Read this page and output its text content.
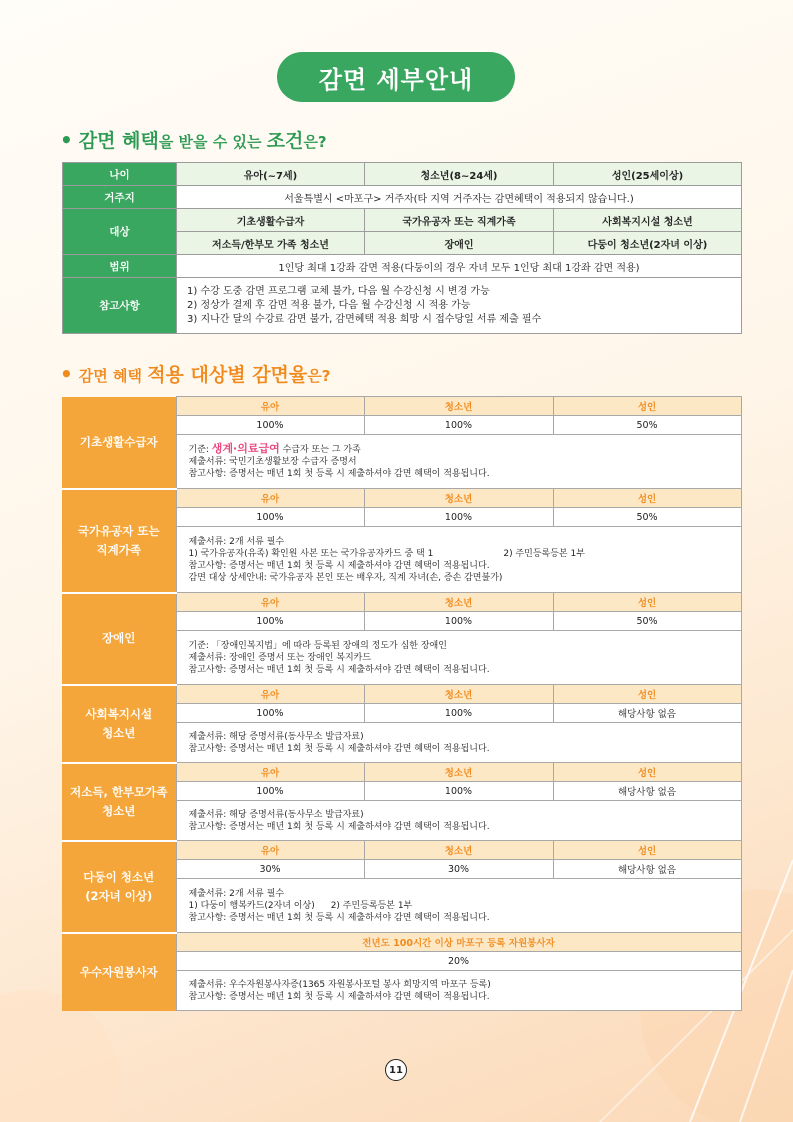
감면 세부안내
• 감면 혜택을 받을 수 있는 조건은?
나이	유아(~7세)	청소년(8~24세)	성인(25세이상)
거주지	서울특별시 <마포구> 거주자(타 지역 거주자는 감면혜택이 적용되지 않습니다.)		
대상	기초생활수급자	국가유공자 또는 직계가족	사회복지시설 청소년
	저소득/한부모 가족 청소년	장애인	다둥이 청소년(2자녀 이상)
범위	1인당 최대 1강좌 감면 적용(다둥이의 경우 자녀 모두 1인당 최대 1강좌 감면 적용)		
참고사항	1) 수강 도중 감면 프로그램 교체 불가, 다음 월 수강신청 시 변경 가능
2) 정상가 결제 후 감면 적용 불가, 다음 월 수강신청 시 적용 가능
3) 지나간 달의 수강료 감면 불가, 감면혜택 적용 희망 시 접수당일 서류 제출 필수		
• 감면 혜택 적용 대상별 감면율은?
기초생활수급자	유아	청소년	성인
	100%	100%	50%

	기준: 생계·의료급여 수급자 또는 그 가족
제출서류: 국민기초생활보장 수급자 증명서
참고사항: 증명서는 매년 1회 첫 등록 시 제출하셔야 감면 혜택이 적용됩니다.		

국가유공자 또는
직계가족	유아	청소년	성인
	100%	100%	50%

	제출서류: 2개 서류 필수
1) 국가유공자(유족) 확인원 사본 또는 국가유공자카드 중 택 1 2) 주민등록등본 1부
참고사항: 증명서는 매년 1회 첫 등록 시 제출하셔야 감면 혜택이 적용됩니다.
감면 대상 상세안내: 국가유공자 본인 또는 배우자, 직계 자녀(손, 증손 감면불가)		

장애인	유아	청소년	성인
	100%	100%	50%

	기준: 「장애인복지법」에 따라 등록된 장애의 정도가 심한 장애인
제출서류: 장애인 증명서 또는 장애인 복지카드
참고사항: 증명서는 매년 1회 첫 등록 시 제출하셔야 감면 혜택이 적용됩니다.		

사회복지시설
청소년	유아	청소년	성인
	100%	100%	해당사항 없음

	제출서류: 해당 증명서류(동사무소 발급자료)
참고사항: 증명서는 매년 1회 첫 등록 시 제출하셔야 감면 혜택이 적용됩니다.		

저소득, 한부모가족
청소년	유아	청소년	성인
	100%	100%	해당사항 없음

	제출서류: 해당 증명서류(동사무소 발급자료)
참고사항: 증명서는 매년 1회 첫 등록 시 제출하셔야 감면 혜택이 적용됩니다.		

다둥이 청소년
(2자녀 이상)	유아	청소년	성인
	30%	30%	해당사항 없음

	제출서류: 2개 서류 필수
1) 다둥이 행복카드(2자녀 이상) 2) 주민등록등본 1부
참고사항: 증명서는 매년 1회 첫 등록 시 제출하셔야 감면 혜택이 적용됩니다.		

우수자원봉사자	전년도 100시간 이상 마포구 등록 자원봉사자		
	20%		

	제출서류: 우수자원봉사자증(1365 자원봉사포털 봉사 희망지역 마포구 등록)
참고사항: 증명서는 매년 1회 첫 등록 시 제출하셔야 감면 혜택이 적용됩니다.		
11
